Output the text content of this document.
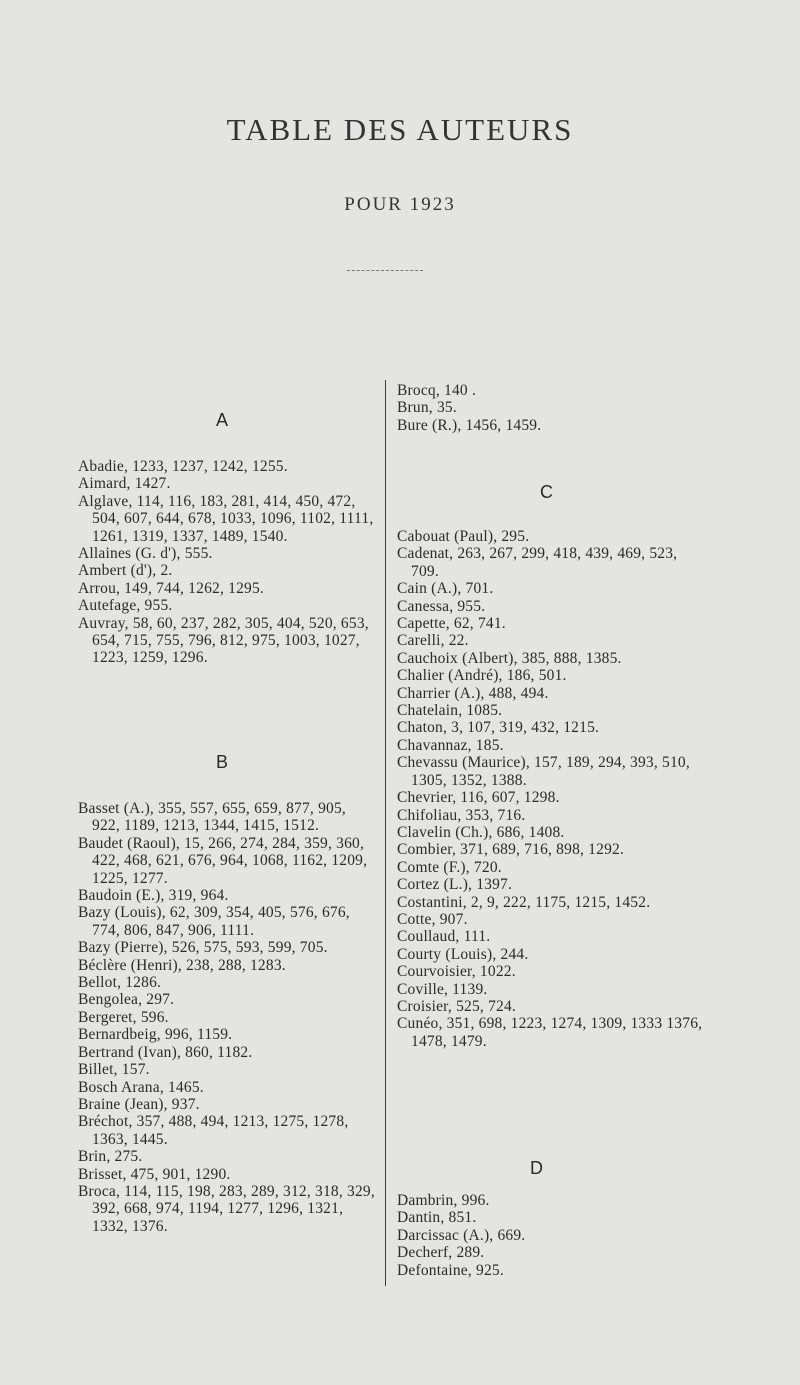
TABLE DES AUTEURS
POUR 1923
A
Abadie, 1233, 1237, 1242, 1255.
Aimard, 1427.
Alglave, 114, 116, 183, 281, 414, 450, 472, 504, 607, 644, 678, 1033, 1096, 1102, 1111, 1261, 1319, 1337, 1489, 1540.
Allaines (G. d'), 555.
Ambert (d'), 2.
Arrou, 149, 744, 1262, 1295.
Autefage, 955.
Auvray, 58, 60, 237, 282, 305, 404, 520, 653, 654, 715, 755, 796, 812, 975, 1003, 1027, 1223, 1259, 1296.
B
Basset (A.), 355, 557, 655, 659, 877, 905, 922, 1189, 1213, 1344, 1415, 1512.
Baudet (Raoul), 15, 266, 274, 284, 359, 360, 422, 468, 621, 676, 964, 1068, 1162, 1209, 1225, 1277.
Baudoin (E.), 319, 964.
Bazy (Louis), 62, 309, 354, 405, 576, 676, 774, 806, 847, 906, 1111.
Bazy (Pierre), 526, 575, 593, 599, 705.
Béclère (Henri), 238, 288, 1283.
Bellot, 1286.
Bengolea, 297.
Bergeret, 596.
Bernardbeig, 996, 1159.
Bertrand (Ivan), 860, 1182.
Billet, 157.
Bosch Arana, 1465.
Braine (Jean), 937.
Bréchot, 357, 488, 494, 1213, 1275, 1278, 1363, 1445.
Brin, 275.
Brisset, 475, 901, 1290.
Broca, 114, 115, 198, 283, 289, 312, 318, 329, 392, 668, 974, 1194, 1277, 1296, 1321, 1332, 1376.
Brocq, 140 .
Brun, 35.
Bure (R.), 1456, 1459.
C
Cabouat (Paul), 295.
Cadenat, 263, 267, 299, 418, 439, 469, 523, 709.
Cain (A.), 701.
Canessa, 955.
Capette, 62, 741.
Carelli, 22.
Cauchoix (Albert), 385, 888, 1385.
Chalier (André), 186, 501.
Charrier (A.), 488, 494.
Chatelain, 1085.
Chaton, 3, 107, 319, 432, 1215.
Chavannaz, 185.
Chevassu (Maurice), 157, 189, 294, 393, 510, 1305, 1352, 1388.
Chevrier, 116, 607, 1298.
Chifoliau, 353, 716.
Clavelin (Ch.), 686, 1408.
Combier, 371, 689, 716, 898, 1292.
Comte (F.), 720.
Cortez (L.), 1397.
Costantini, 2, 9, 222, 1175, 1215, 1452.
Cotte, 907.
Coullaud, 111.
Courty (Louis), 244.
Courvoisier, 1022.
Coville, 1139.
Croisier, 525, 724.
Cunéo, 351, 698, 1223, 1274, 1309, 1333 1376, 1478, 1479.
D
Dambrin, 996.
Dantin, 851.
Darcissac (A.), 669.
Decherf, 289.
Defontaine, 925.
